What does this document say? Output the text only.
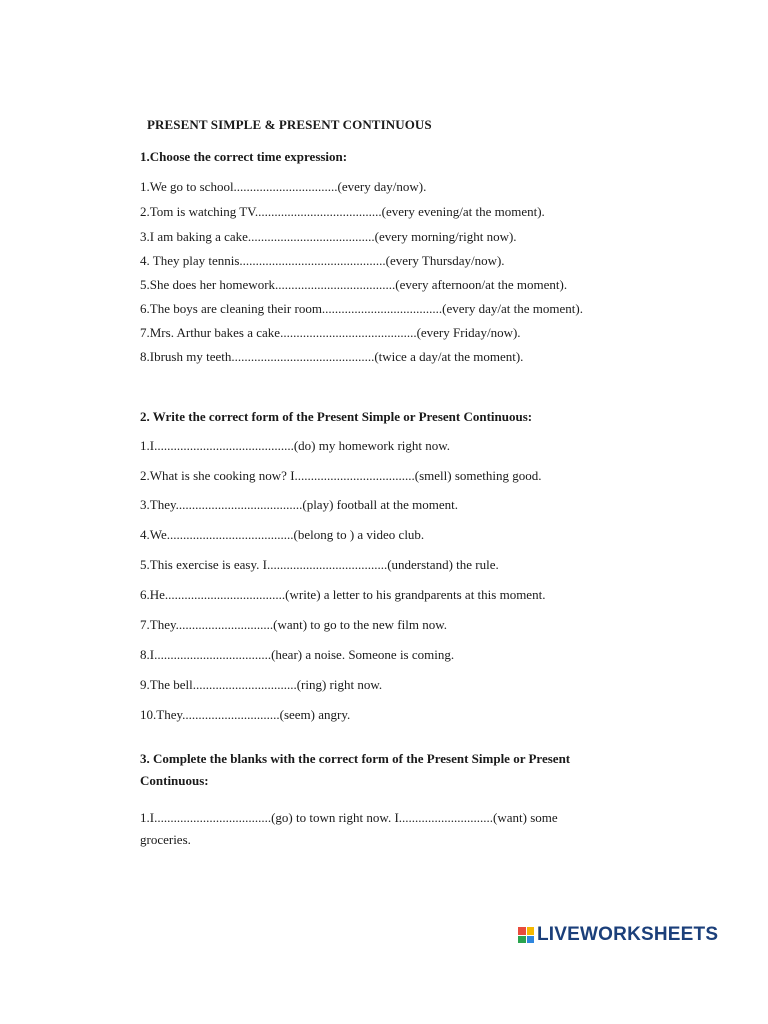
PRESENT SIMPLE & PRESENT CONTINUOUS
1.Choose the correct time expression:
1.We go to school................................(every day/now).
2.Tom is watching TV.......................................(every evening/at the moment).
3.I am baking a cake.......................................(every morning/right now).
4. They play tennis.............................................(every Thursday/now).
5.She does her homework.....................................(every afternoon/at the moment).
6.The boys are cleaning their room.....................................(every day/at the moment).
7.Mrs. Arthur bakes a cake..........................................(every Friday/now).
8.Ibrush my teeth............................................(twice a day/at the moment).
2. Write the correct form of the Present Simple or Present Continuous:
1.I...........................................(do) my homework right now.
2.What is she cooking now? I.....................................(smell) something good.
3.They.......................................(play) football at the moment.
4.We.......................................(belong to ) a video club.
5.This exercise is easy. I.....................................(understand) the rule.
6.He.....................................(write) a letter to his grandparents at this moment.
7.They..............................(want) to go to the new film now.
8.I....................................(hear) a noise. Someone is coming.
9.The bell................................(ring) right now.
10.They..............................(seem) angry.
3. Complete the blanks with the correct form of the Present Simple or Present Continuous:
1.I....................................(go) to town right now. I.............................(want) some groceries.
LIVEWORKSHEETS
